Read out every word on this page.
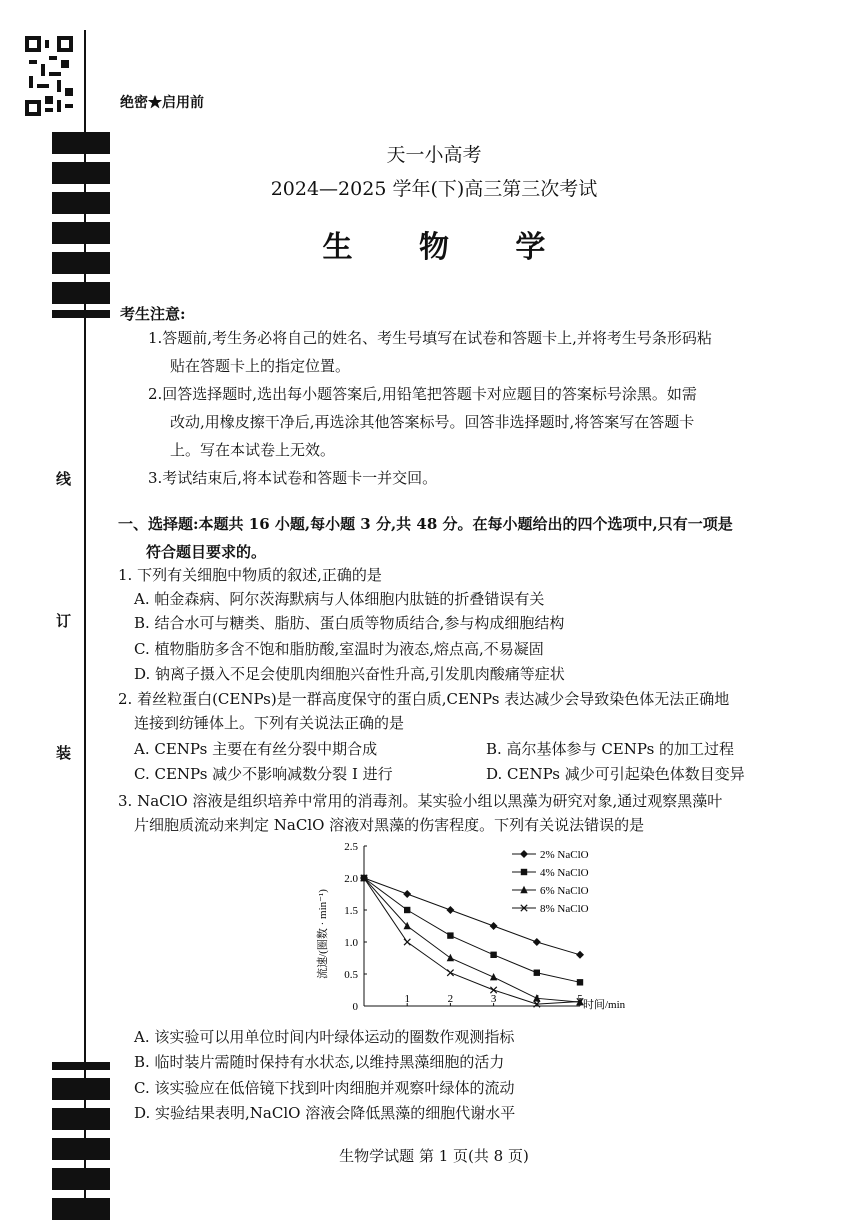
线
订
装
绝密★启用前
天一小高考
2024—2025 学年(下)高三第三次考试
生 物 学
考生注意:
1.答题前,考生务必将自己的姓名、考生号填写在试卷和答题卡上,并将考生号条形码粘
贴在答题卡上的指定位置。
2.回答选择题时,选出每小题答案后,用铅笔把答题卡对应题目的答案标号涂黑。如需
改动,用橡皮擦干净后,再选涂其他答案标号。回答非选择题时,将答案写在答题卡
上。写在本试卷上无效。
3.考试结束后,将本试卷和答题卡一并交回。
一、选择题:本题共 16 小题,每小题 3 分,共 48 分。在每小题给出的四个选项中,只有一项是
符合题目要求的。
1. 下列有关细胞中物质的叙述,正确的是
A. 帕金森病、阿尔茨海默病与人体细胞内肽链的折叠错误有关
B. 结合水可与糖类、脂肪、蛋白质等物质结合,参与构成细胞结构
C. 植物脂肪多含不饱和脂肪酸,室温时为液态,熔点高,不易凝固
D. 钠离子摄入不足会使肌肉细胞兴奋性升高,引发肌肉酸痛等症状
2. 着丝粒蛋白(CENPs)是一群高度保守的蛋白质,CENPs 表达减少会导致染色体无法正确地
连接到纺锤体上。下列有关说法正确的是
A. CENPs 主要在有丝分裂中期合成	B. 高尔基体参与 CENPs 的加工过程
C. CENPs 减少不影响减数分裂 Ⅰ 进行	D. CENPs 减少可引起染色体数目变异
3. NaClO 溶液是组织培养中常用的消毒剂。某实验小组以黑藻为研究对象,通过观察黑藻叶
片细胞质流动来判定 NaClO 溶液对黑藻的伤害程度。下列有关说法错误的是
0
0.5
1.0
1.5
2.0
2.5
1	2	3	时间/min
2% NaClO
4% NaClO
6% NaClO
8% NaClO
流速/(圈数 · min⁻¹)
A. 该实验可以用单位时间内叶绿体运动的圈数作观测指标
B. 临时装片需随时保持有水状态,以维持黑藻细胞的活力
C. 该实验应在低倍镜下找到叶肉细胞并观察叶绿体的流动
D. 实验结果表明,NaClO 溶液会降低黑藻的细胞代谢水平
生物学试题 第 1 页(共 8 页)
